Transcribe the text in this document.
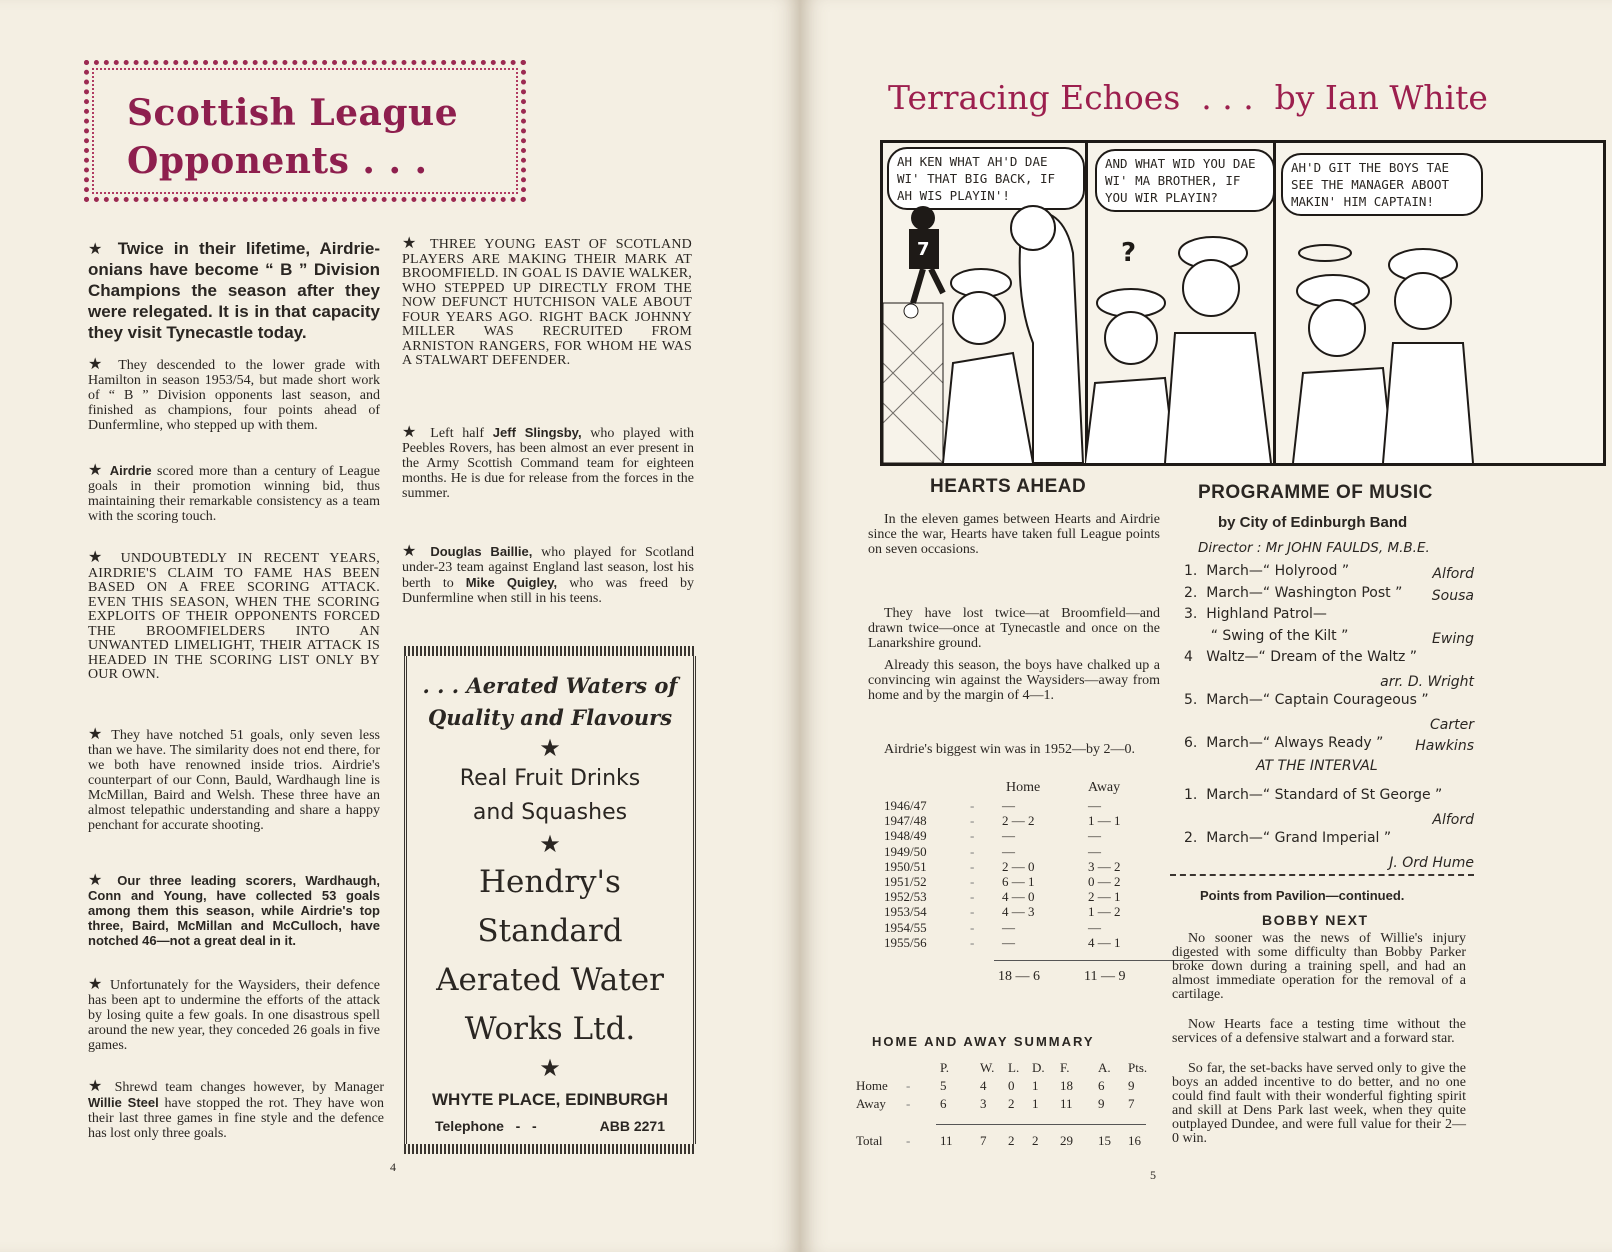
Scottish League
Opponents . . .
★ Twice in their lifetime, Airdrie-onians have become “ B ” Division Champions the season after they were relegated. It is in that capacity they visit Tynecastle today.
★ They descended to the lower grade with Hamilton in season 1953/54, but made short work of “ B ” Division opponents last season, and finished as champions, four points ahead of Dunfermline, who stepped up with them.
★ Airdrie scored more than a century of League goals in their promotion winning bid, thus maintaining their remarkable consistency as a team with the scoring touch.
★ UNDOUBTEDLY IN RECENT YEARS, AIRDRIE'S CLAIM TO FAME HAS BEEN BASED ON A FREE SCORING ATTACK. EVEN THIS SEASON, WHEN THE SCORING EXPLOITS OF THEIR OPPONENTS FORCED THE BROOMFIELDERS INTO AN UNWANTED LIMELIGHT, THEIR ATTACK IS HEADED IN THE SCORING LIST ONLY BY OUR OWN.
★ They have notched 51 goals, only seven less than we have. The similarity does not end there, for we both have renowned inside trios. Airdrie's counterpart of our Conn, Bauld, Wardhaugh line is McMillan, Baird and Welsh. These three have an almost telepathic understanding and share a happy penchant for accurate shooting.
★ Our three leading scorers, Wardhaugh, Conn and Young, have collected 53 goals among them this season, while Airdrie's top three, Baird, McMillan and McCulloch, have notched 46—not a great deal in it.
★ Unfortunately for the Waysiders, their defence has been apt to undermine the efforts of the attack by losing quite a few goals. In one disastrous spell around the new year, they conceded 26 goals in five games.
★ Shrewd team changes however, by Manager Willie Steel have stopped the rot. They have won their last three games in fine style and the defence has lost only three goals.
★ THREE YOUNG EAST OF SCOTLAND PLAYERS ARE MAKING THEIR MARK AT BROOMFIELD. IN GOAL IS DAVIE WALKER, WHO STEPPED UP DIRECTLY FROM THE NOW DEFUNCT HUTCHISON VALE ABOUT FOUR YEARS AGO. RIGHT BACK JOHNNY MILLER WAS RECRUITED FROM ARNISTON RANGERS, FOR WHOM HE WAS A STALWART DEFENDER.
★ Left half Jeff Slingsby, who played with Peebles Rovers, has been almost an ever present in the Army Scottish Command team for eighteen months. He is due for release from the forces in the summer.
★ Douglas Baillie, who played for Scotland under-23 team against England last season, lost his berth to Mike Quigley, who was freed by Dunfermline when still in his teens.
. . . Aerated Waters of
Quality and Flavours
★
Real Fruit Drinks
and Squashes
★
Hendry's
Standard
Aerated Water
Works Ltd.
★
WHYTE PLACE, EDINBURGH
Telephone   -   -	ABB 2271
4
Terracing Echoes  . . .  by Ian White
AH KEN WHAT AH'D DAE WI' THAT BIG BACK, IF AH WIS PLAYIN'!
7
AND WHAT WID YOU DAE WI' MA BROTHER, IF YOU WIR PLAYIN?
?
AH'D GIT THE BOYS TAE SEE THE MANAGER ABOOT MAKIN' HIM CAPTAIN!
HEARTS AHEAD
In the eleven games between Hearts and Airdrie since the war, Hearts have taken full League points on seven occasions.
They have lost twice—at Broomfield—and drawn twice—once at Tynecastle and once on the Lanarkshire ground.
Already this season, the boys have chalked up a convincing win against the Waysiders—away from home and by the margin of 4—1.
Airdrie's biggest win was in 1952—by 2—0.
Home	Away
1946/47	- —	—
1947/48	- 2 — 2	1 — 1
1948/49	- —	—
1949/50	- —	—
1950/51	- 2 — 0	3 — 2
1951/52	- 6 — 1	0 — 2
1952/53	- 4 — 0	2 — 1
1953/54	- 4 — 3	1 — 2
1954/55	- —	—
1955/56	- —	4 — 1
18 — 6	11 — 9
HOME AND AWAY SUMMARY
P. W. L. D. F. A. Pts.
Home - 5	4 0 1 18 6 9
Away - 6	3 2 1 11 9 7
Total - 11 7 2 2 29 15 16
PROGRAMME OF MUSIC
by City of Edinburgh Band
Director : Mr JOHN FAULDS, M.B.E.
1.  March—“ Holyrood ”	Alford
2.  March—“ Washington Post ” Sousa
3.  Highland Patrol—
“ Swing of the Kilt ”	Ewing
4   Waltz—“ Dream of the Waltz ”
arr. D. Wright
5.  March—“ Captain Courageous ”
Carter
6.  March—“ Always Ready ” Hawkins
AT THE INTERVAL
1.  March—“ Standard of St George ”
Alford
2.  March—“ Grand Imperial ”
J. Ord Hume
Points from Pavilion—continued.
BOBBY NEXT
No sooner was the news of Willie's injury digested with some difficulty than Bobby Parker broke down during a training spell, and had an almost immediate operation for the removal of a cartilage.
Now Hearts face a testing time without the services of a defensive stalwart and a forward star.
So far, the set-backs have served only to give the boys an added incentive to do better, and no one could find fault with their wonderful fighting spirit and skill at Dens Park last week, when they quite outplayed Dundee, and were full value for their 2—0 win.
5
